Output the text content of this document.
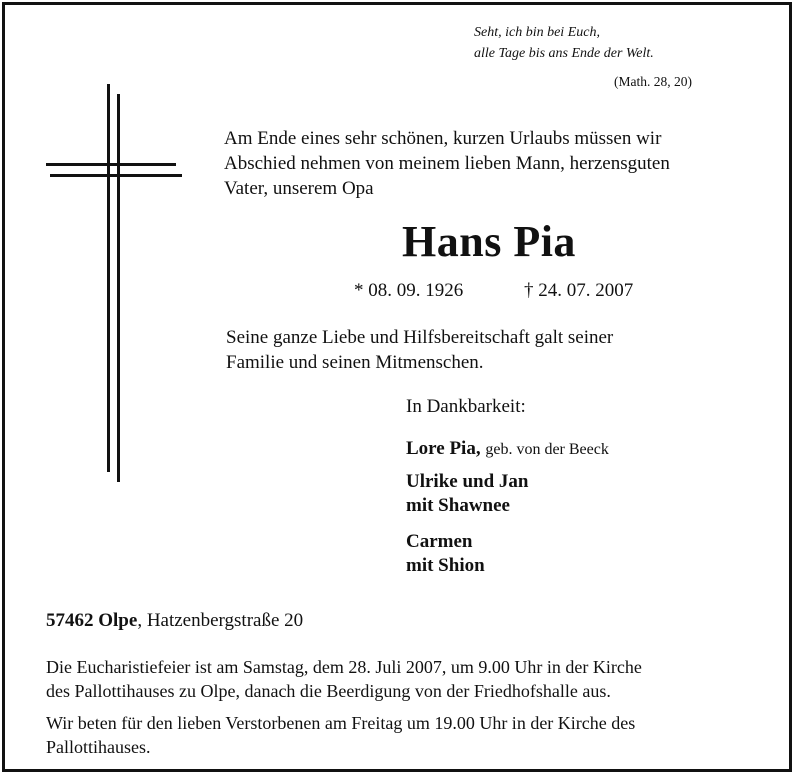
Seht, ich bin bei Euch,
alle Tage bis ans Ende der Welt.
(Math. 28, 20)
Am Ende eines sehr schönen, kurzen Urlaubs müssen wir
Abschied nehmen von meinem lieben Mann, herzensguten
Vater, unserem Opa
Hans Pia
* 08. 09. 1926	† 24. 07. 2007
Seine ganze Liebe und Hilfsbereitschaft galt seiner
Familie und seinen Mitmenschen.
In Dankbarkeit:
Lore Pia, geb. von der Beeck
Ulrike und Jan
mit Shawnee
Carmen
mit Shion
57462 Olpe, Hatzenbergstraße 20
Die Eucharistiefeier ist am Samstag, dem 28. Juli 2007, um 9.00 Uhr in der Kirche
des Pallottihauses zu Olpe, danach die Beerdigung von der Friedhofshalle aus.
Wir beten für den lieben Verstorbenen am Freitag um 19.00 Uhr in der Kirche des
Pallottihauses.
